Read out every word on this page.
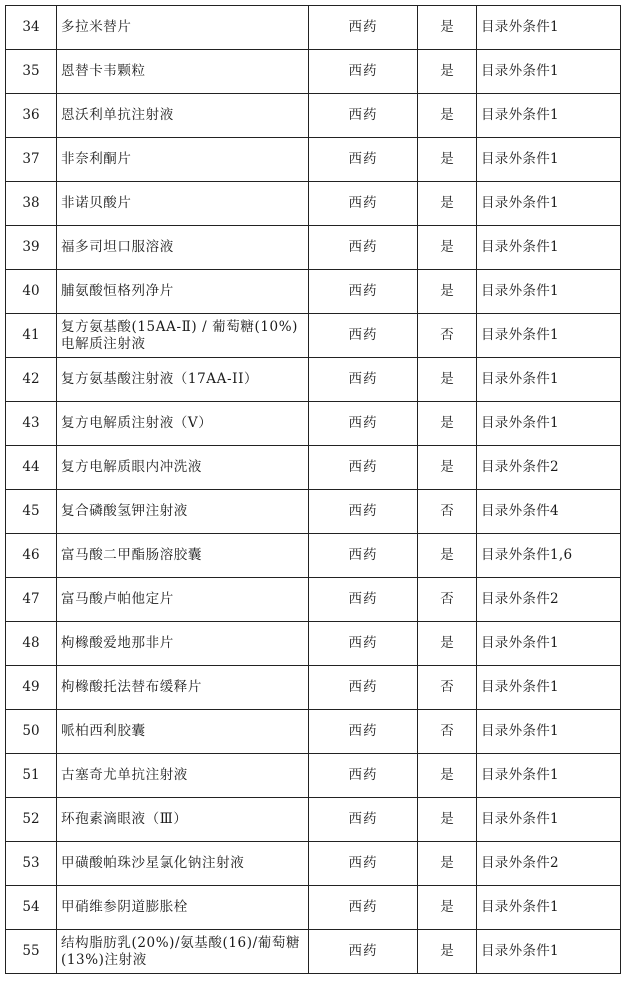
34	多拉米替片	西药	是	目录外条件1
35	恩替卡韦颗粒	西药	是	目录外条件1
36	恩沃利单抗注射液	西药	是	目录外条件1
37	非奈利酮片	西药	是	目录外条件1
38	非诺贝酸片	西药	是	目录外条件1
39	福多司坦口服溶液	西药	是	目录外条件1
40	脯氨酸恒格列净片	西药	是	目录外条件1
41	复方氨基酸(15AA-Ⅱ) / 葡萄糖(10%)电解质注射液	西药	否	目录外条件1
42	复方氨基酸注射液（17AA-II）	西药	是	目录外条件1
43	复方电解质注射液（Ⅴ）	西药	是	目录外条件1
44	复方电解质眼内冲洗液	西药	是	目录外条件2
45	复合磷酸氢钾注射液	西药	否	目录外条件4
46	富马酸二甲酯肠溶胶囊	西药	是	目录外条件1,6
47	富马酸卢帕他定片	西药	否	目录外条件2
48	枸橼酸爱地那非片	西药	是	目录外条件1
49	枸橼酸托法替布缓释片	西药	否	目录外条件1
50	哌柏西利胶囊	西药	否	目录外条件1
51	古塞奇尤单抗注射液	西药	是	目录外条件1
52	环孢素滴眼液（Ⅲ）	西药	是	目录外条件1
53	甲磺酸帕珠沙星氯化钠注射液	西药	是	目录外条件2
54	甲硝维参阴道膨胀栓	西药	是	目录外条件1
55	结构脂肪乳(20%)/氨基酸(16)/葡萄糖(13%)注射液	西药	是	目录外条件1
